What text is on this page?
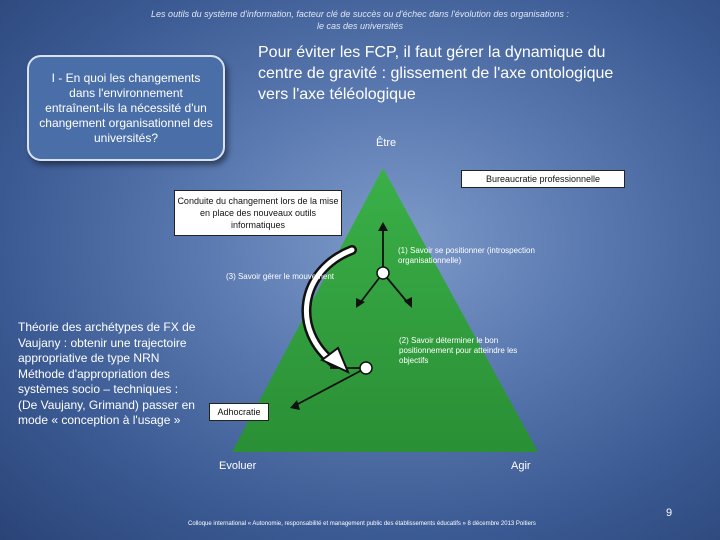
Les outils du système d'information, facteur clé de succès ou d'échec dans l'évolution des organisations :
le cas des universités
I - En quoi les changements dans l'environnement entraînent-ils la nécessité d'un changement organisationnel des universités?
Pour éviter les FCP, il faut gérer la dynamique du centre de gravité : glissement de l'axe ontologique vers l'axe téléologique
Être
Bureaucratie professionnelle
Conduite du changement lors de la mise en place des nouveaux outils informatiques
(1) Savoir se positionner (introspection organisationnelle)
(3) Savoir gérer le mouvement
(2) Savoir déterminer le bon positionnement pour atteindre les objectifs
Adhocratie
Evoluer	Agir
Théorie des archétypes de FX de Vaujany : obtenir une trajectoire appropriative de type NRN Méthode d'appropriation des systèmes socio – techniques : (De Vaujany, Grimand) passer en mode « conception à l'usage »
9
Colloque international « Autonomie, responsabilité et management public des établissements éducatifs » 8 décembre 2013 Poitiers
